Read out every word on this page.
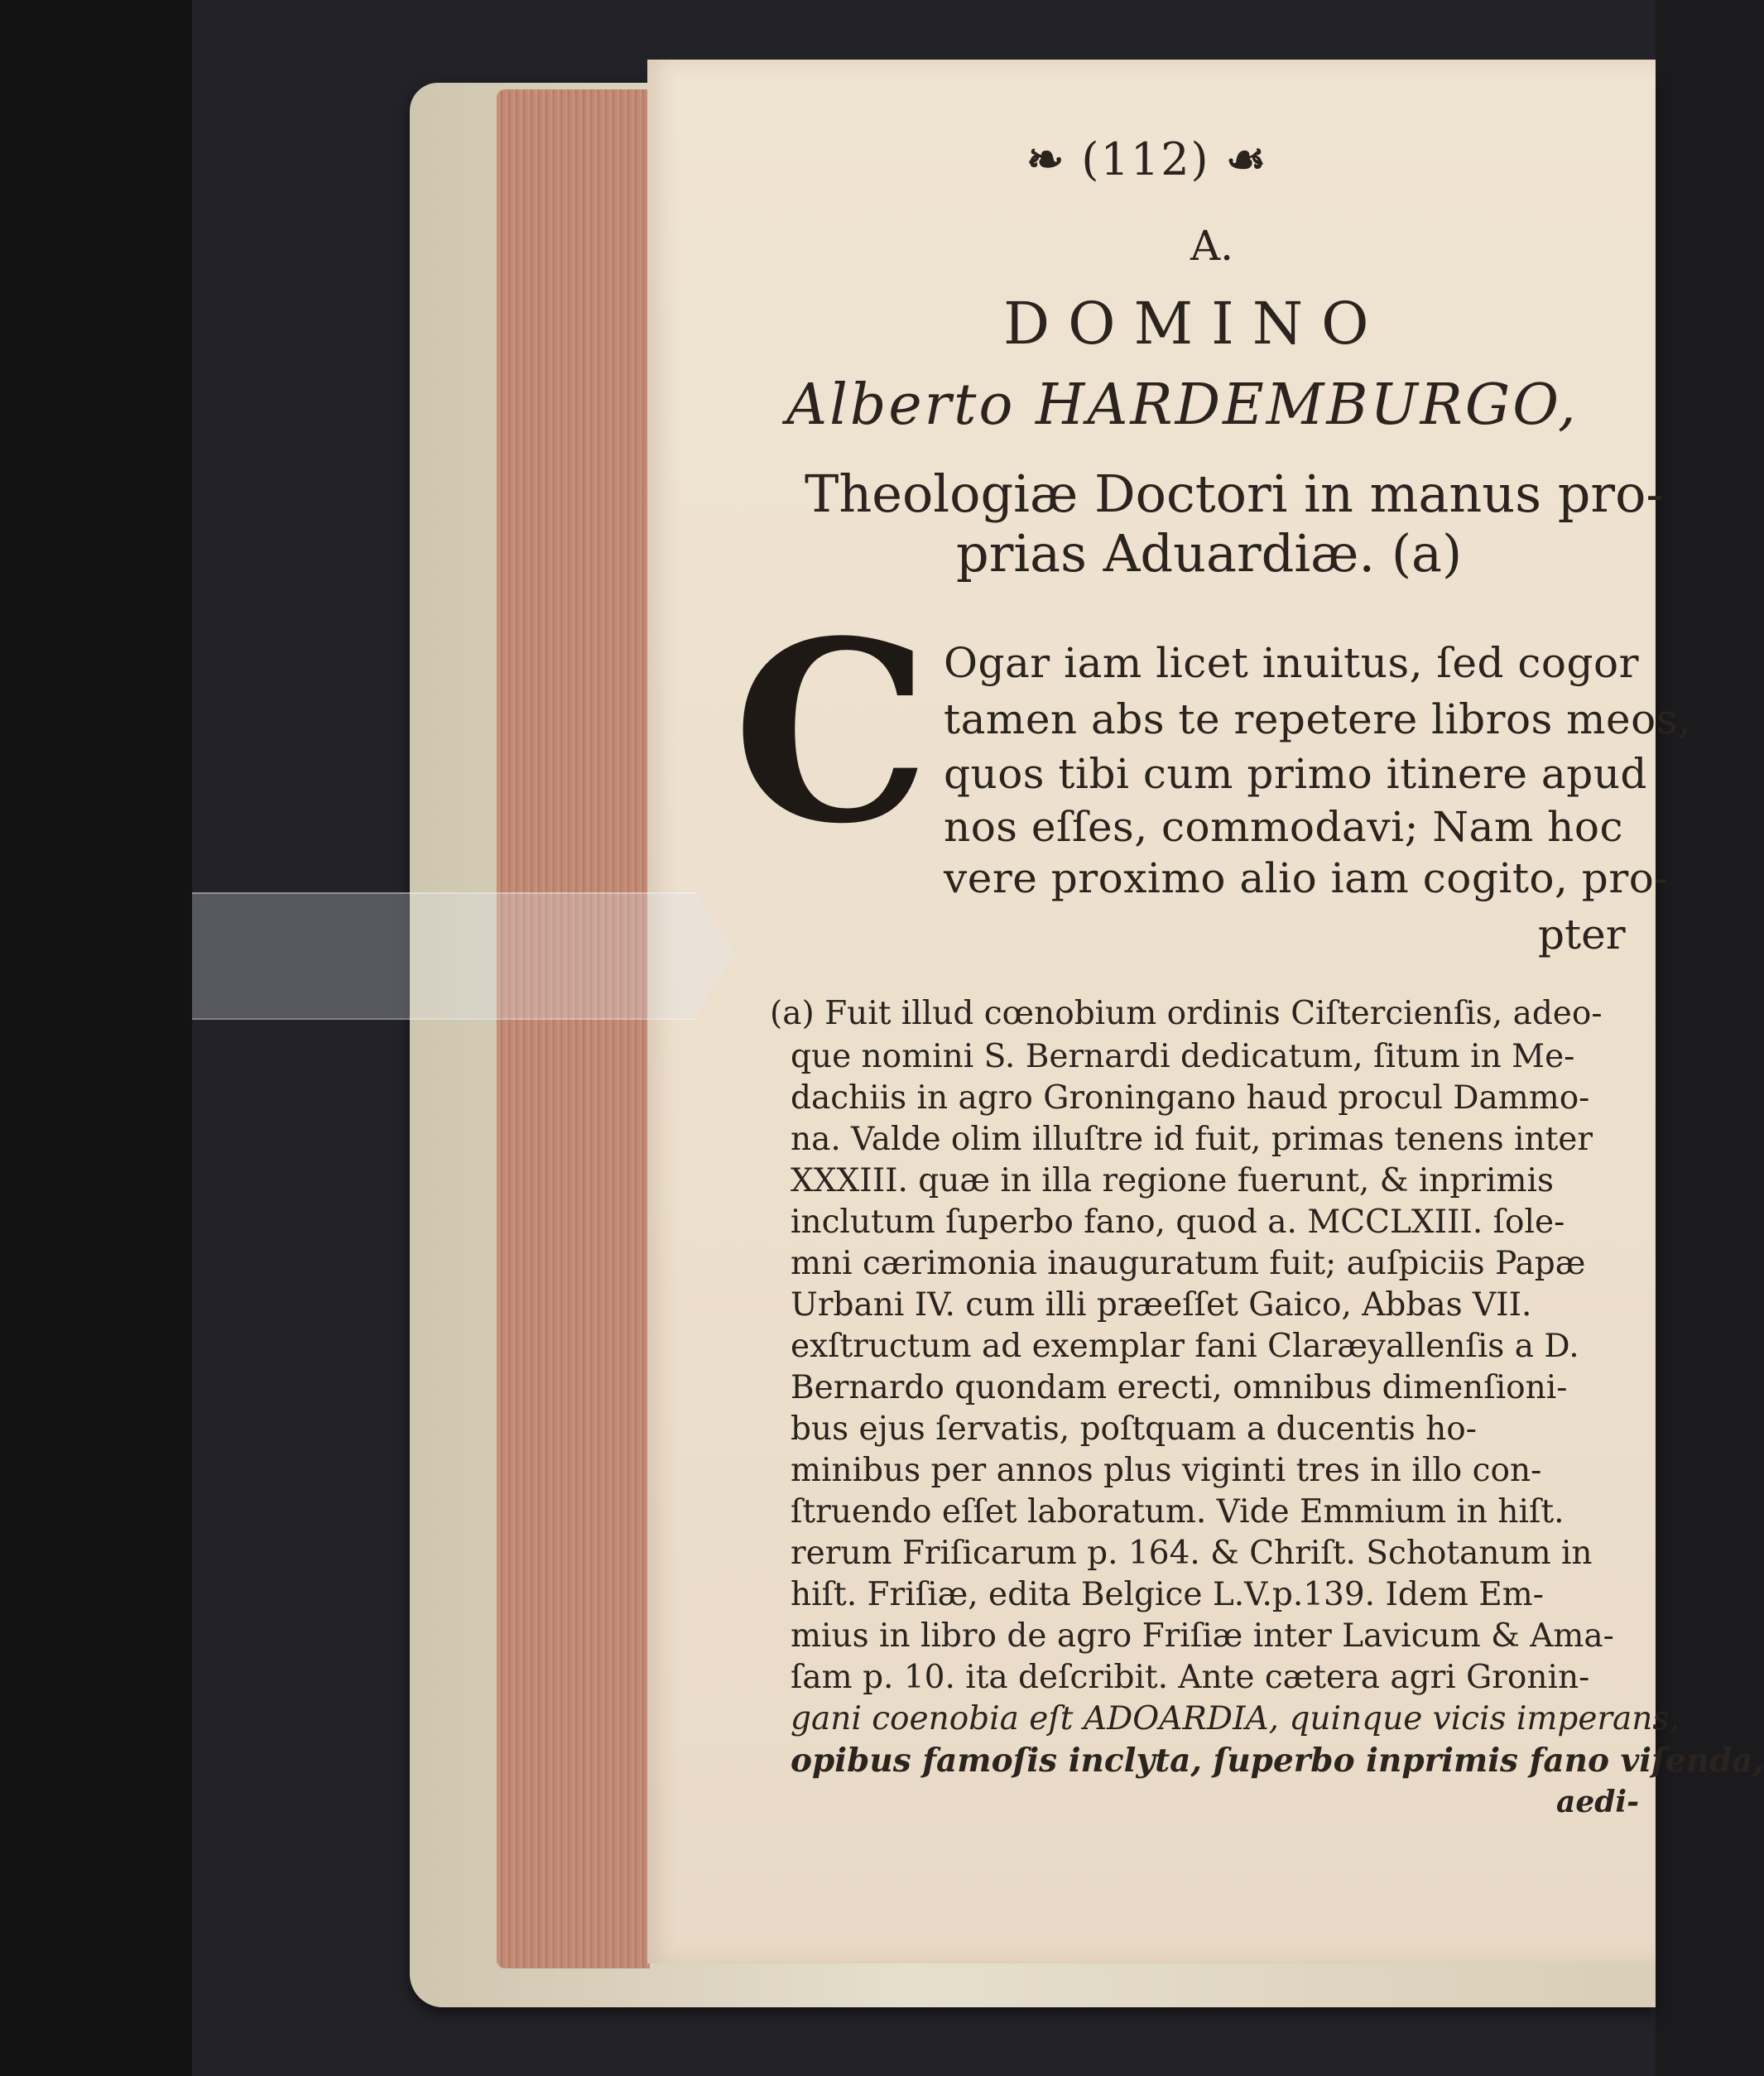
❧ (112) ☙
A.
DOMINO
Alberto HARDEMBURGO,
Theologiæ Doctori in manus pro-
prias Aduardiæ. (a)
C Ogar iam licet inuitus, ſed cogor
tamen abs te repetere libros meos,
quos tibi cum primo itinere apud
nos eſſes, commodavi; Nam hoc
vere proximo alio iam cogito, pro-
pter
(a) Fuit illud cœnobium ordinis Ciſtercienſis, adeo-
que nomini S. Bernardi dedicatum, ſitum in Me-
dachiis in agro Groningano haud procul Dammo-
na. Valde olim illuſtre id fuit, primas tenens inter
XXXIII. quæ in illa regione fuerunt, & inprimis
inclutum ſuperbo fano, quod a. MCCLXIII. ſole-
mni cærimonia inauguratum fuit; auſpiciis Papæ
Urbani IV. cum illi præeſſet Gaico, Abbas VII.
exſtructum ad exemplar fani Claræyallenſis a D.
Bernardo quondam erecti, omnibus dimenſioni-
bus ejus ſervatis, poſtquam a ducentis ho-
minibus per annos plus viginti tres in illo con-
ſtruendo eſſet laboratum. Vide Emmium in hiſt.
rerum Friſicarum p. 164. & Chriſt. Schotanum in
hiſt. Friſiæ, edita Belgice L.V.p.139. Idem Em-
mius in libro de agro Friſiæ inter Lavicum & Ama-
ſam p. 10. ita deſcribit. Ante cætera agri Gronin-
gani coenobia eſt ADOARDIA, quinque vicis imperans,
opibus famoſis inclyta, ſuperbo inprimis fano viſenda,
aedi-
